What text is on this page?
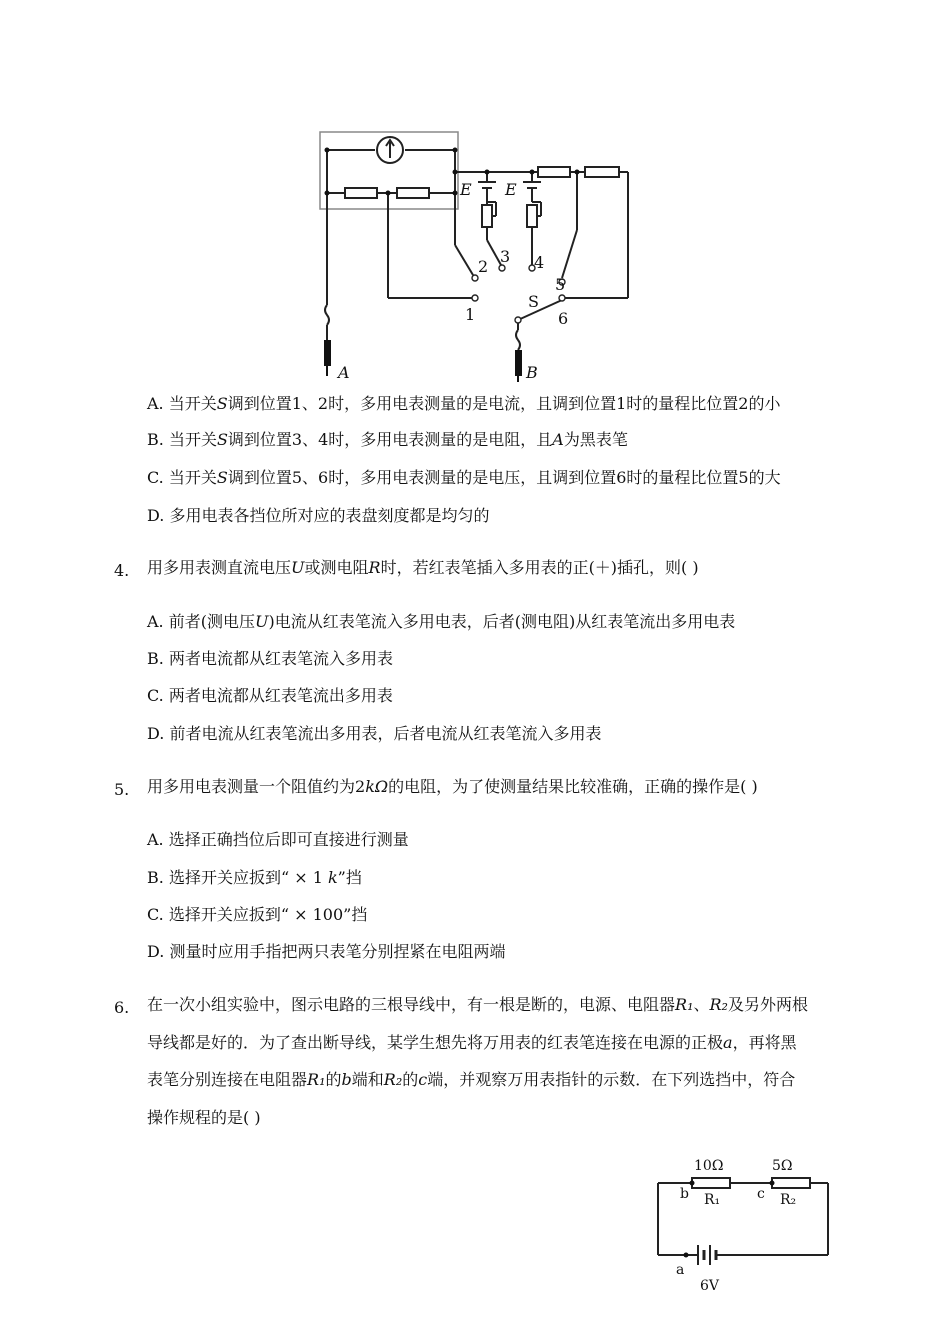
E E
1
2
3 4
5
6
S
A	B
A. 当开关S调到位置1、2时，多用电表测量的是电流，且调到位置1时的量程比位置2的小
B. 当开关S调到位置3、4时，多用电表测量的是电阻，且A为黑表笔
C. 当开关S调到位置5、6时，多用电表测量的是电压，且调到位置6时的量程比位置5的大
D. 多用电表各挡位所对应的表盘刻度都是均匀的
4. 用多用表测直流电压U或测电阻R时，若红表笔插入多用表的正(＋)插孔，则( )
A. 前者(测电压U)电流从红表笔流入多用电表，后者(测电阻)从红表笔流出多用电表
B. 两者电流都从红表笔流入多用表
C. 两者电流都从红表笔流出多用表
D. 前者电流从红表笔流出多用表，后者电流从红表笔流入多用表
5. 用多用电表测量一个阻值约为2kΩ的电阻，为了使测量结果比较准确，正确的操作是( )
A. 选择正确挡位后即可直接进行测量
B. 选择开关应扳到“ × 1 k”挡
C. 选择开关应扳到“ × 100”挡
D. 测量时应用手指把两只表笔分别捏紧在电阻两端
6. 在一次小组实验中，图示电路的三根导线中，有一根是断的，电源、电阻器R₁、R₂及另外两根
导线都是好的．为了查出断导线，某学生想先将万用表的红表笔连接在电源的正极a，再将黑
表笔分别连接在电阻器R₁的b端和R₂的c端，并观察万用表指针的示数．在下列选挡中，符合
操作规程的是( )
10Ω	5Ω
b	c
R₁	R₂
a
6V
